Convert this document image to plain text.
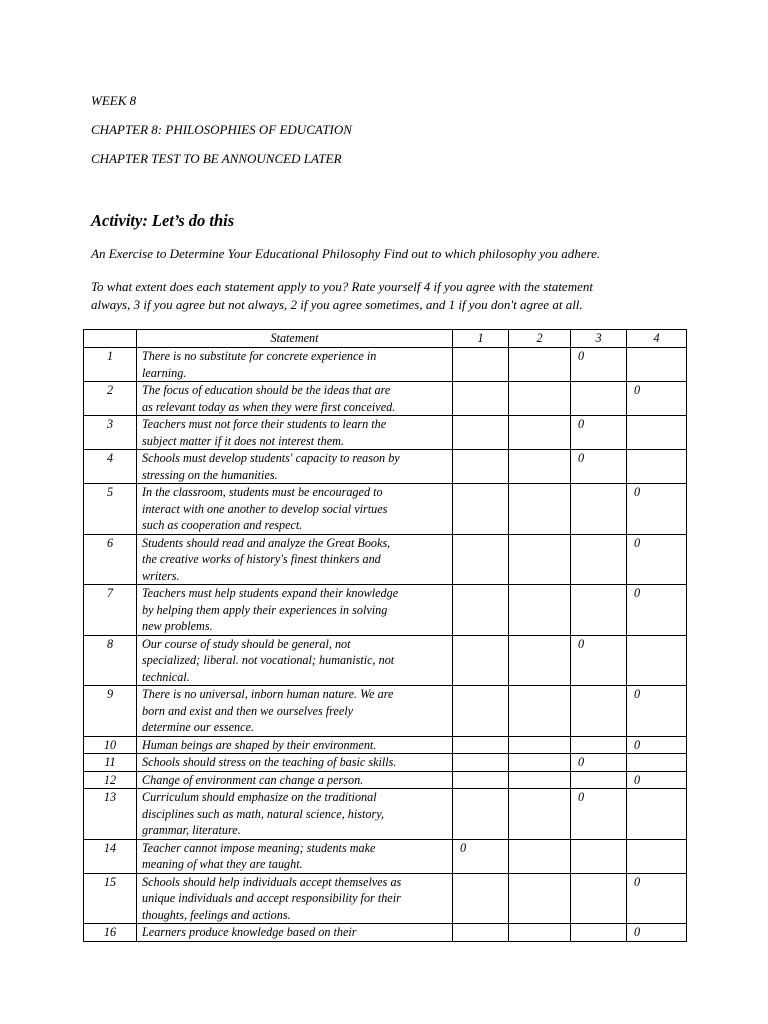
WEEK 8
CHAPTER 8: PHILOSOPHIES OF EDUCATION
CHAPTER TEST TO BE ANNOUNCED LATER
Activity: Let’s do this
An Exercise to Determine Your Educational Philosophy Find out to which philosophy you adhere.
To what extent does each statement apply to you? Rate yourself 4 if you agree with the statement
always, 3 if you agree but not always, 2 if you agree sometimes, and 1 if you don't agree at all.
	Statement	1	2	3	4
1	There is no substitute for concrete experience in
learning.			0	
2	The focus of education should be the ideas that are
as relevant today as when they were first conceived.				0
3	Teachers must not force their students to learn the
subject matter if it does not interest them.			0	
4	Schools must develop students' capacity to reason by
stressing on the humanities.			0	
5	In the classroom, students must be encouraged to
interact with one another to develop social virtues
such as cooperation and respect.				0
6	Students should read and analyze the Great Books,
the creative works of history's finest thinkers and
writers.				0
7	Teachers must help students expand their knowledge
by helping them apply their experiences in solving
new problems.				0
8	Our course of study should be general, not
specialized; liberal. not vocational; humanistic, not
technical.			0	
9	There is no universal, inborn human nature. We are
born and exist and then we ourselves freely
determine our essence.				0
10	Human beings are shaped by their environment.				0
11	Schools should stress on the teaching of basic skills.			0	
12	Change of environment can change a person.				0
13	Curriculum should emphasize on the traditional
disciplines such as math, natural science, history,
grammar, literature.			0	
14	Teacher cannot impose meaning; students make
meaning of what they are taught.	0			
15	Schools should help individuals accept themselves as
unique individuals and accept responsibility for their
thoughts, feelings and actions.				0
16	Learners produce knowledge based on their				0
